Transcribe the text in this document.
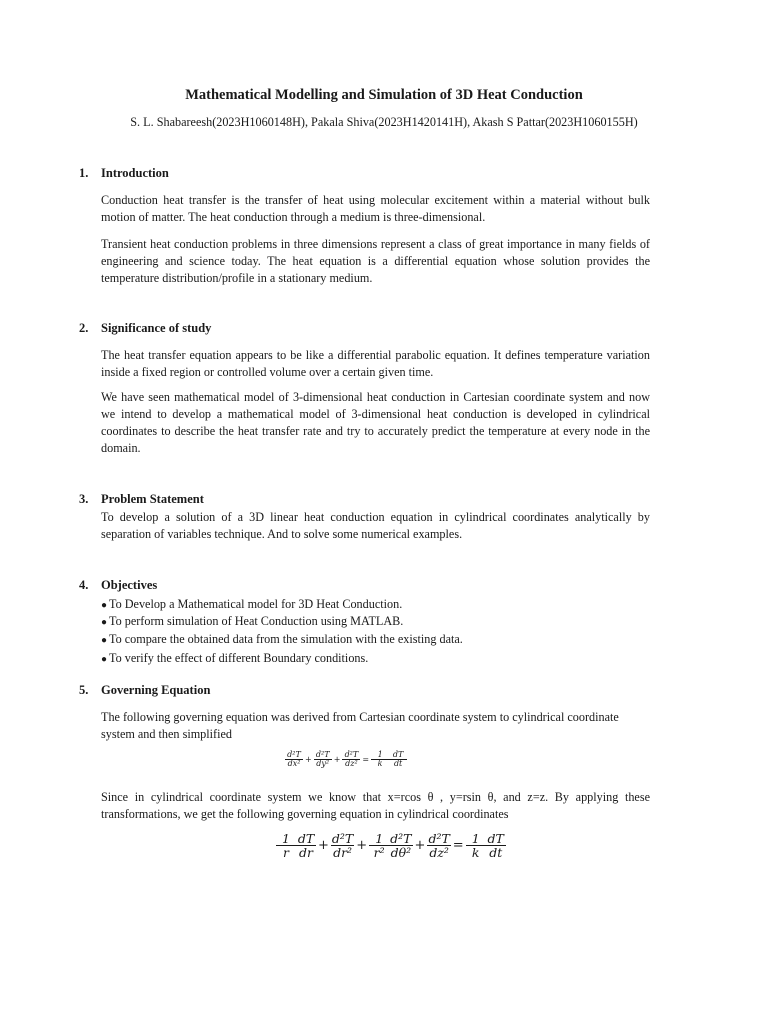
Mathematical Modelling and Simulation of 3D Heat Conduction
S. L. Shabareesh(2023H1060148H), Pakala Shiva(2023H1420141H), Akash S Pattar(2023H1060155H)
1. Introduction
Conduction heat transfer is the transfer of heat using molecular excitement within a material without bulk motion of matter. The heat conduction through a medium is three-dimensional.
Transient heat conduction problems in three dimensions represent a class of great importance in many fields of engineering and science today. The heat equation is a differential equation whose solution provides the temperature distribution/profile in a stationary medium.
2. Significance of study
The heat transfer equation appears to be like a differential parabolic equation. It defines temperature variation inside a fixed region or controlled volume over a certain given time.
We have seen mathematical model of 3-dimensional heat conduction in Cartesian coordinate system and now we intend to develop a mathematical model of 3-dimensional heat conduction is developed in cylindrical coordinates to describe the heat transfer rate and try to accurately predict the temperature at every node in the domain.
3. Problem Statement
To develop a solution of a 3D linear heat conduction equation in cylindrical coordinates analytically by separation of variables technique. And to solve some numerical examples.
4. Objectives
● To Develop a Mathematical model for 3D Heat Conduction.
● To perform simulation of Heat Conduction using MATLAB.
● To compare the obtained data from the simulation with the existing data.
● To verify the effect of different Boundary conditions.
5. Governing Equation
The following governing equation was derived from Cartesian coordinate system to cylindrical coordinate system and then simplified
$\frac{\text{d²T}}{\text{dx²}} + \frac{\text{d²T}}{\text{dy²}} + \frac{\text{d²T}}{\text{dz²}} = \frac{1}{k} \frac{dT}{dt}$
Since in cylindrical coordinate system we know that x=rcos θ , y=rsin θ, and z=z. By applying these transformations, we get the following governing equation in cylindrical coordinates
$\frac{1}{r} \frac{dT}{dr} + \frac{\text{d²T}}{\text{dr²}} + \frac{1}{\text{r²}} \frac{\text{d²T}}{\text{dθ²}} + \frac{\text{d²T}}{\text{dz²}} = \frac{1}{k} \frac{dT}{dt}$
